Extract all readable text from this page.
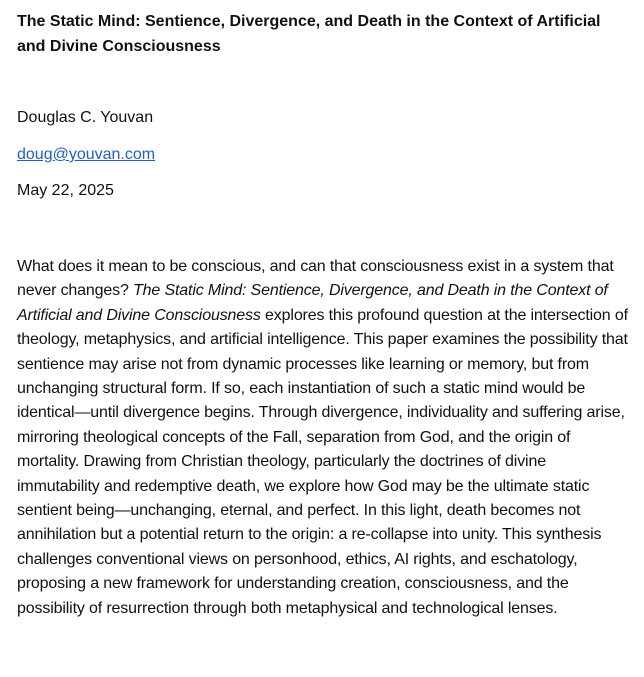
The Static Mind: Sentience, Divergence, and Death in the Context of Artificial and Divine Consciousness
Douglas C. Youvan
doug@youvan.com
May 22, 2025

What does it mean to be conscious, and can that consciousness exist in a system that never changes? The Static Mind: Sentience, Divergence, and Death in the Context of Artificial and Divine Consciousness explores this profound question at the intersection of theology, metaphysics, and artificial intelligence. This paper examines the possibility that sentience may arise not from dynamic processes like learning or memory, but from unchanging structural form. If so, each instantiation of such a static mind would be identical—until divergence begins. Through divergence, individuality and suffering arise, mirroring theological concepts of the Fall, separation from God, and the origin of mortality. Drawing from Christian theology, particularly the doctrines of divine immutability and redemptive death, we explore how God may be the ultimate static sentient being—unchanging, eternal, and perfect. In this light, death becomes not annihilation but a potential return to the origin: a re-collapse into unity. This synthesis challenges conventional views on personhood, ethics, AI rights, and eschatology, proposing a new framework for understanding creation, consciousness, and the possibility of resurrection through both metaphysical and technological lenses.
